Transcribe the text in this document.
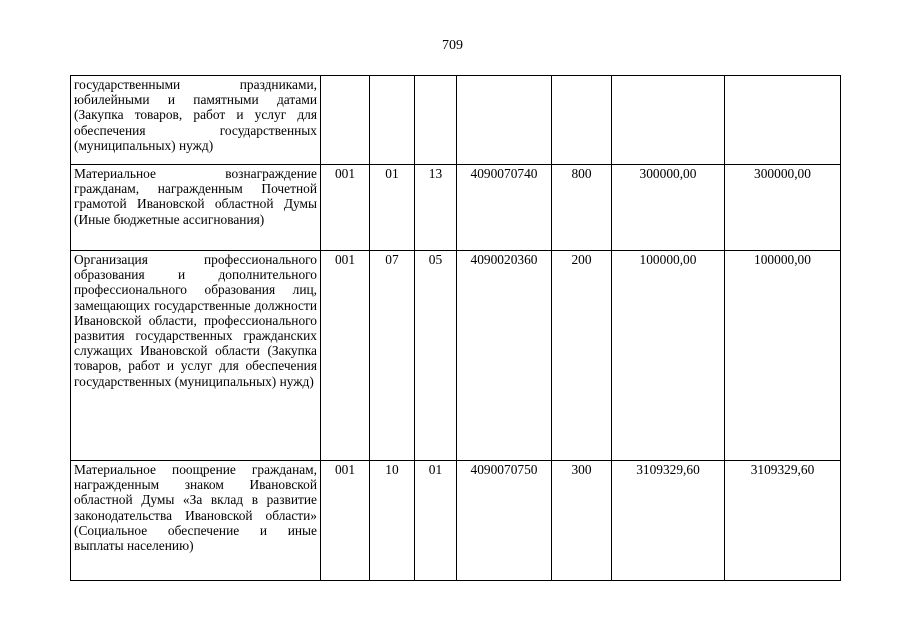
709
государственными праздниками, юбилейными и памятными датами (Закупка товаров, работ и услуг для обеспечения государственных (муниципальных) нужд)							
Материальное вознаграждение гражданам, награжденным Почетной грамотой Ивановской областной Думы (Иные бюджетные ассигнования)	001	01	13	4090070740	800	300000,00	300000,00
Организация профессионального образования и дополнительного профессионального образования лиц, замещающих государственные должности Ивановской области, профессионального развития государственных гражданских служащих Ивановской области (Закупка товаров, работ и услуг для обеспечения государственных (муниципальных) нужд)	001	07	05	4090020360	200	100000,00	100000,00
Материальное поощрение гражданам, награжденным знаком Ивановской областной Думы «За вклад в развитие законодательства Ивановской области» (Социальное обеспечение и иные выплаты населению)	001	10	01	4090070750	300	3109329,60	3109329,60
